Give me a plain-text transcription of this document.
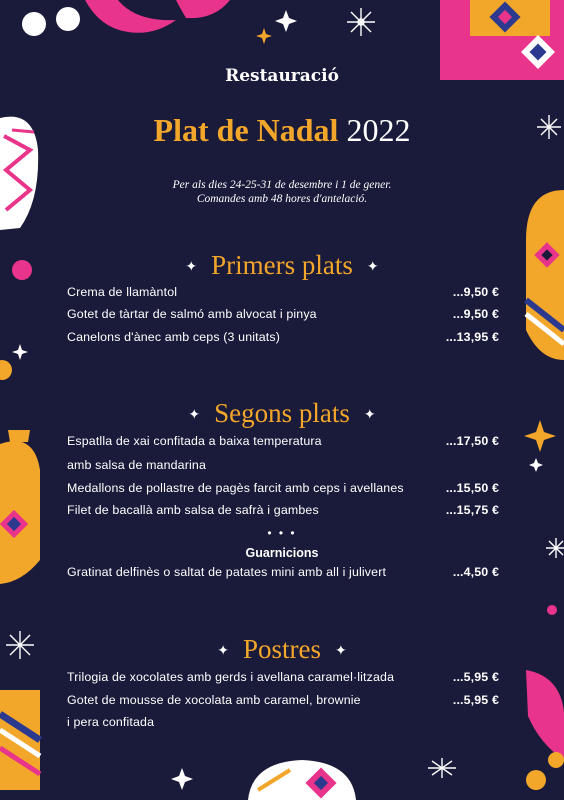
Restauració
Plat de Nadal 2022
Per als dies 24-25-31 de desembre i 1 de gener.
Comandes amb 48 hores d'antelació.
✦ Primers plats ✦
Crema de llamàntol	...9,50 €
Gotet de tàrtar de salmó amb alvocat i pinya	...9,50 €
Canelons d'ànec amb ceps (3 unitats)	...13,95 €
✦ Segons plats ✦
Espatlla de xai confitada a baixa temperatura	...17,50 €
amb salsa de mandarina
Medallons de pollastre de pagès farcit amb ceps i avellanes	...15,50 €
Filet de bacallà amb salsa de safrà i gambes	...15,75 €
• • •
Guarnicions
Gratinat delfinès o saltat de patates mini amb all i julivert	...4,50 €
✦ Postres ✦
Trilogia de xocolates amb gerds i avellana caramel·litzada	...5,95 €
Gotet de mousse de xocolata amb caramel, brownie	...5,95 €
i pera confitada
